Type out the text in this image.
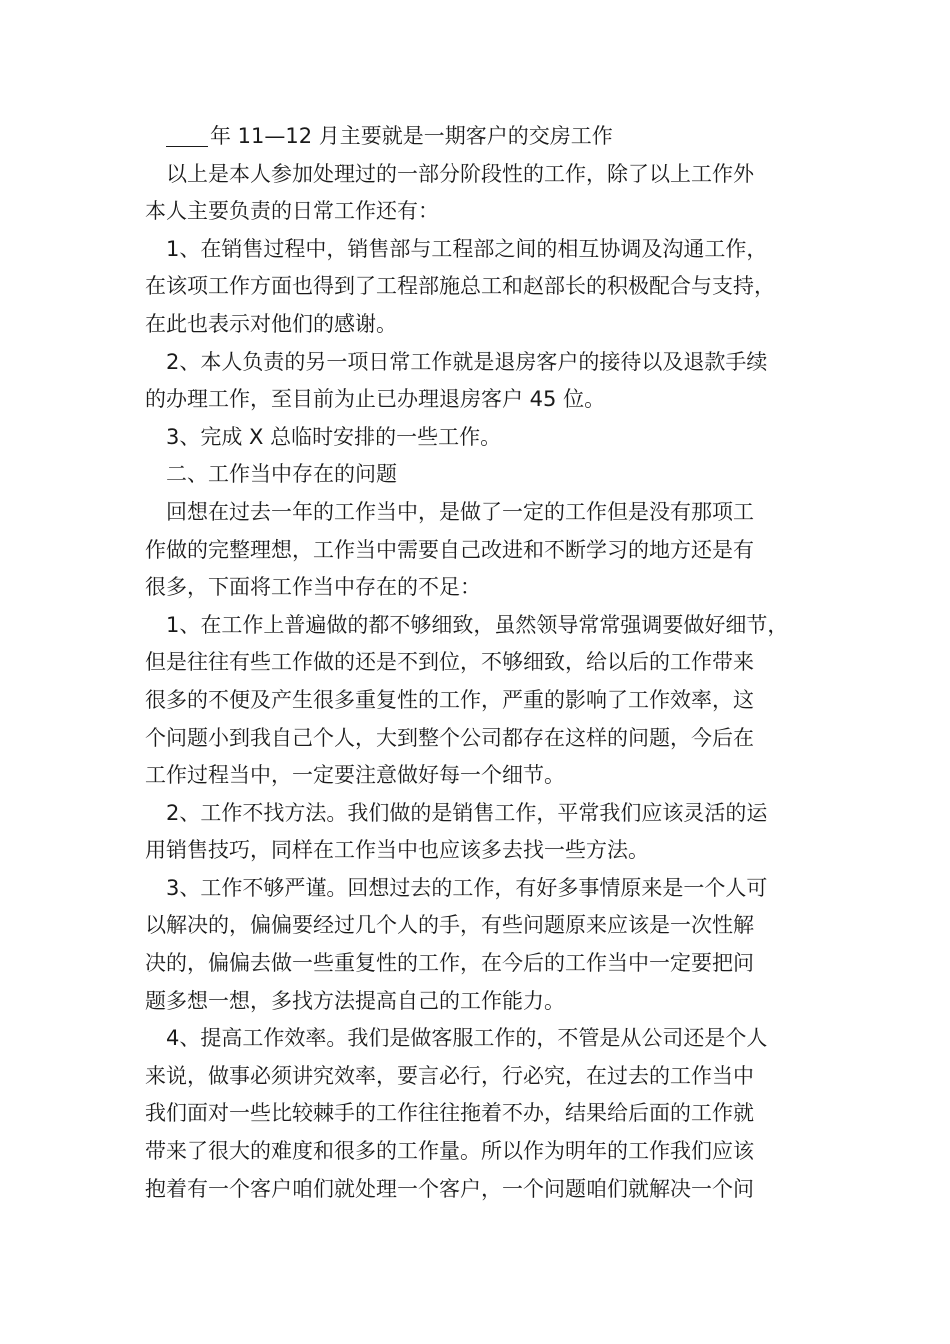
年 11—12 月主要就是一期客户的交房工作
以上是本人参加处理过的一部分阶段性的工作，除了以上工作外
本人主要负责的日常工作还有：
1、在销售过程中，销售部与工程部之间的相互协调及沟通工作，
在该项工作方面也得到了工程部施总工和赵部长的积极配合与支持，
在此也表示对他们的感谢。
2、本人负责的另一项日常工作就是退房客户的接待以及退款手续
的办理工作，至目前为止已办理退房客户 45 位。
3、完成 X 总临时安排的一些工作。
二、工作当中存在的问题
回想在过去一年的工作当中，是做了一定的工作但是没有那项工
作做的完整理想，工作当中需要自己改进和不断学习的地方还是有
很多，下面将工作当中存在的不足：
1、在工作上普遍做的都不够细致，虽然领导常常强调要做好细节，
但是往往有些工作做的还是不到位，不够细致，给以后的工作带来
很多的不便及产生很多重复性的工作，严重的影响了工作效率，这
个问题小到我自己个人，大到整个公司都存在这样的问题，今后在
工作过程当中，一定要注意做好每一个细节。
2、工作不找方法。我们做的是销售工作，平常我们应该灵活的运
用销售技巧，同样在工作当中也应该多去找一些方法。
3、工作不够严谨。回想过去的工作，有好多事情原来是一个人可
以解决的，偏偏要经过几个人的手，有些问题原来应该是一次性解
决的，偏偏去做一些重复性的工作，在今后的工作当中一定要把问
题多想一想，多找方法提高自己的工作能力。
4、提高工作效率。我们是做客服工作的，不管是从公司还是个人
来说，做事必须讲究效率，要言必行，行必究，在过去的工作当中
我们面对一些比较棘手的工作往往拖着不办，结果给后面的工作就
带来了很大的难度和很多的工作量。所以作为明年的工作我们应该
抱着有一个客户咱们就处理一个客户，一个问题咱们就解决一个问
